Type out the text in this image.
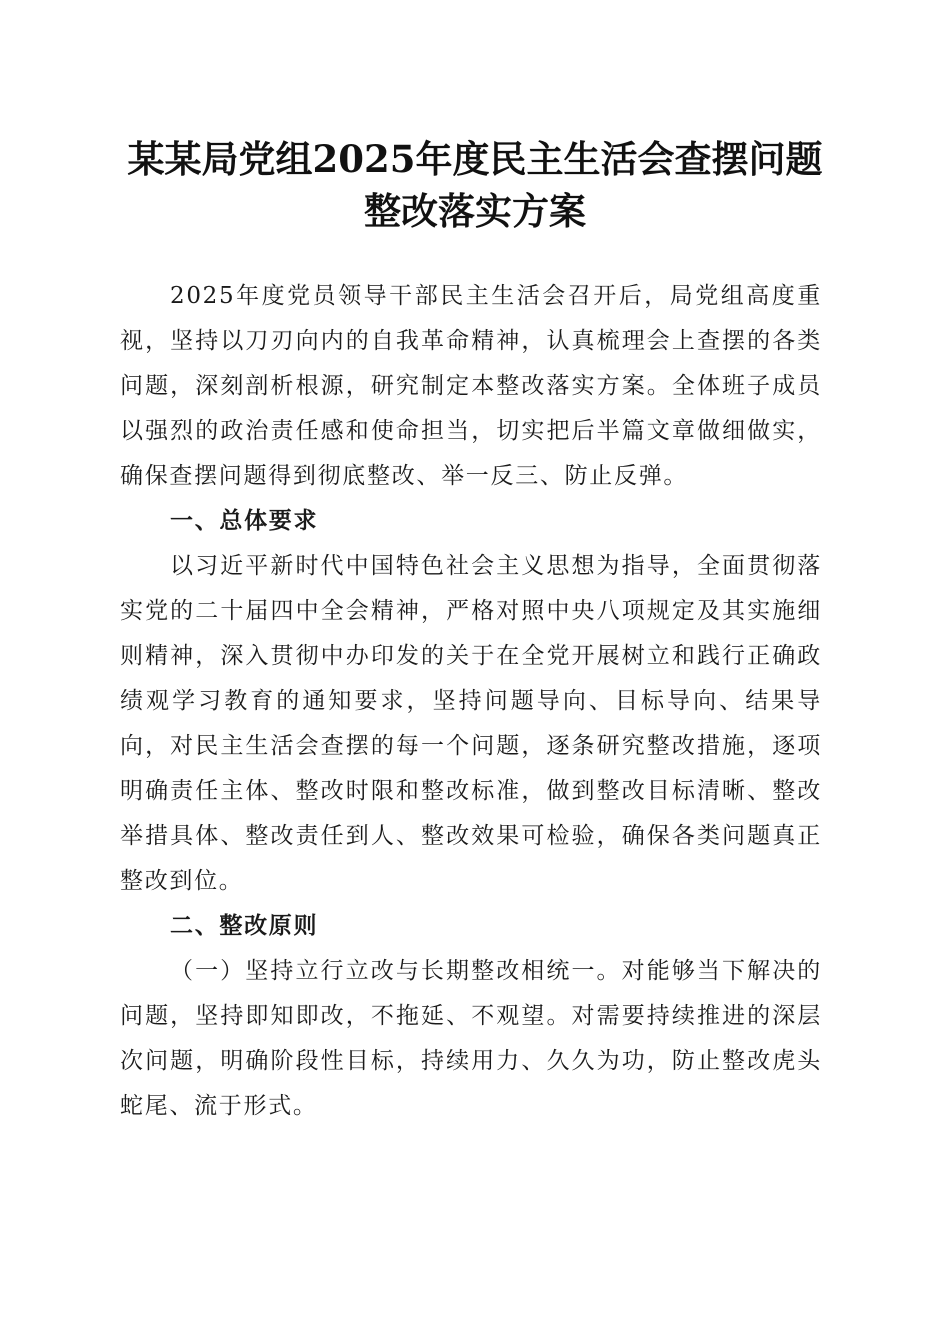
某某局党组2025年度民主生活会查摆问题整改落实方案

2025年度党员领导干部民主生活会召开后，局党组高度重视，坚持以刀刃向内的自我革命精神，认真梳理会上查摆的各类问题，深刻剖析根源，研究制定本整改落实方案。全体班子成员以强烈的政治责任感和使命担当，切实把后半篇文章做细做实，确保查摆问题得到彻底整改、举一反三、防止反弹。

一、总体要求

以习近平新时代中国特色社会主义思想为指导，全面贯彻落实党的二十届四中全会精神，严格对照中央八项规定及其实施细则精神，深入贯彻中办印发的关于在全党开展树立和践行正确政绩观学习教育的通知要求，坚持问题导向、目标导向、结果导向，对民主生活会查摆的每一个问题，逐条研究整改措施，逐项明确责任主体、整改时限和整改标准，做到整改目标清晰、整改举措具体、整改责任到人、整改效果可检验，确保各类问题真正整改到位。

二、整改原则

（一）坚持立行立改与长期整改相统一。对能够当下解决的问题，坚持即知即改，不拖延、不观望。对需要持续推进的深层次问题，明确阶段性目标，持续用力、久久为功，防止整改虎头蛇尾、流于形式。
